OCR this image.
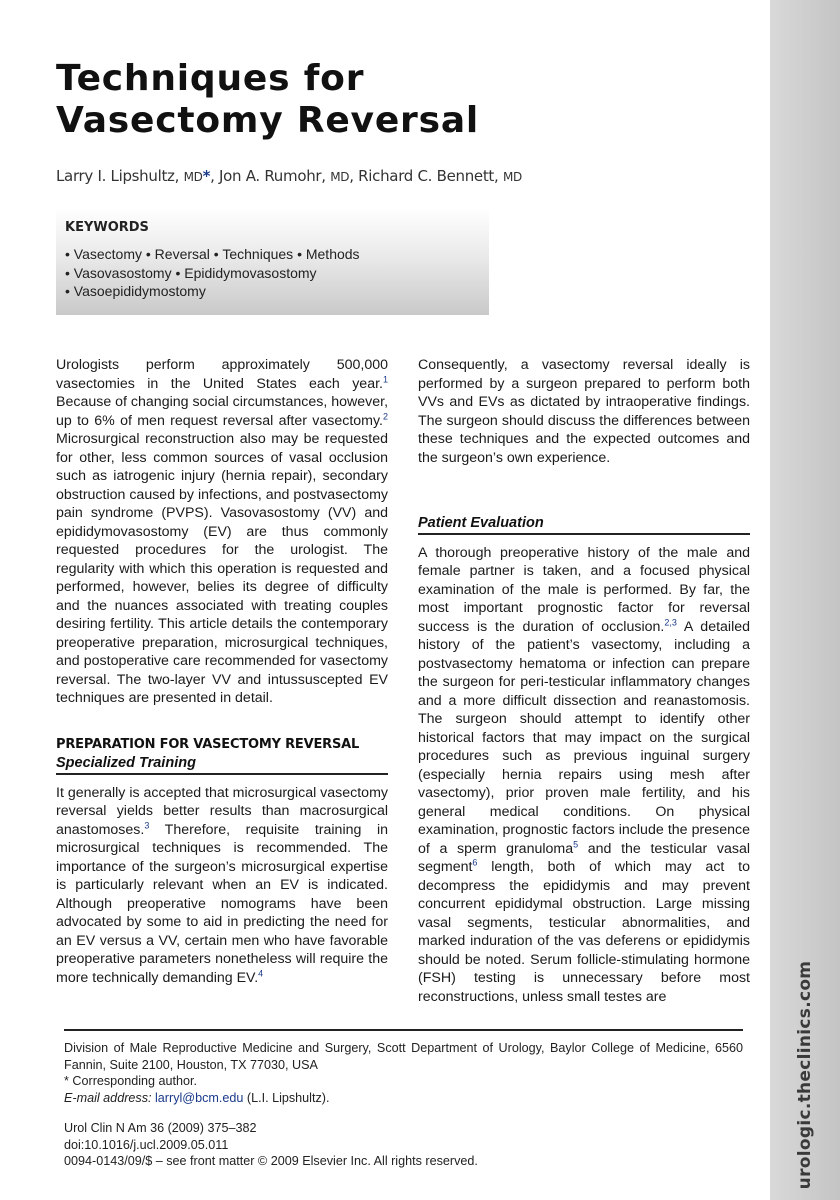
urologic.theclinics.com
Techniques for
Vasectomy Reversal
Larry I. Lipshultz, MD*, Jon A. Rumohr, MD, Richard C. Bennett, MD
KEYWORDS
• Vasectomy • Reversal • Techniques • Methods
• Vasovasostomy • Epididymovasostomy
• Vasoepididymostomy

Urologists perform approximately 500,000 vasectomies in the United States each year.$^1$ Because of changing social circumstances, however, up to 6% of men request reversal after vasectomy.$^2$ Microsurgical reconstruction also may be requested for other, less common sources of vasal occlusion such as iatrogenic injury (hernia repair), secondary obstruction caused by infections, and postvasectomy pain syndrome (PVPS). Vasovasostomy (VV) and epididymovasostomy (EV) are thus commonly requested procedures for the urologist. The regularity with which this operation is requested and performed, however, belies its degree of difficulty and the nuances associated with treating couples desiring fertility. This article details the contemporary preoperative preparation, microsurgical techniques, and postoperative care recommended for vasectomy reversal. The two-layer VV and intussuscepted EV techniques are presented in detail.

PREPARATION FOR VASECTOMY REVERSAL
Specialized Training

It generally is accepted that microsurgical vasectomy reversal yields better results than macrosurgical anastomoses.$^3$ Therefore, requisite training in microsurgical techniques is recommended. The importance of the surgeon’s microsurgical expertise is particularly relevant when an EV is indicated. Although preoperative nomograms have been advocated by some to aid in predicting the need for an EV versus a VV, certain men who have favorable preoperative parameters nonetheless will require the more technically demanding EV.$^4$

Consequently, a vasectomy reversal ideally is performed by a surgeon prepared to perform both VVs and EVs as dictated by intraoperative findings. The surgeon should discuss the differences between these techniques and the expected outcomes and the surgeon’s own experience.

Patient Evaluation

A thorough preoperative history of the male and female partner is taken, and a focused physical examination of the male is performed. By far, the most important prognostic factor for reversal success is the duration of occlusion.$^{2,3}$ A detailed history of the patient’s vasectomy, including a postvasectomy hematoma or infection can prepare the surgeon for peri-testicular inflammatory changes and a more difficult dissection and reanastomosis. The surgeon should attempt to identify other historical factors that may impact on the surgical procedures such as previous inguinal surgery (especially hernia repairs using mesh after vasectomy), prior proven male fertility, and his general medical conditions. On physical examination, prognostic factors include the presence of a sperm granuloma$^5$ and the testicular vasal segment$^6$ length, both of which may act to decompress the epididymis and may prevent concurrent epididymal obstruction. Large missing vasal segments, testicular abnormalities, and marked induration of the vas deferens or epididymis should be noted. Serum follicle-stimulating hormone (FSH) testing is unnecessary before most reconstructions, unless small testes are

Division of Male Reproductive Medicine and Surgery, Scott Department of Urology, Baylor College of Medicine, 6560 Fannin, Suite 2100, Houston, TX 77030, USA

* Corresponding author.

E-mail address: larryl@bcm.edu (L.I. Lipshultz).

Urol Clin N Am 36 (2009) 375–382

doi:10.1016/j.ucl.2009.05.011

0094-0143/09/$ – see front matter © 2009 Elsevier Inc. All rights reserved.
